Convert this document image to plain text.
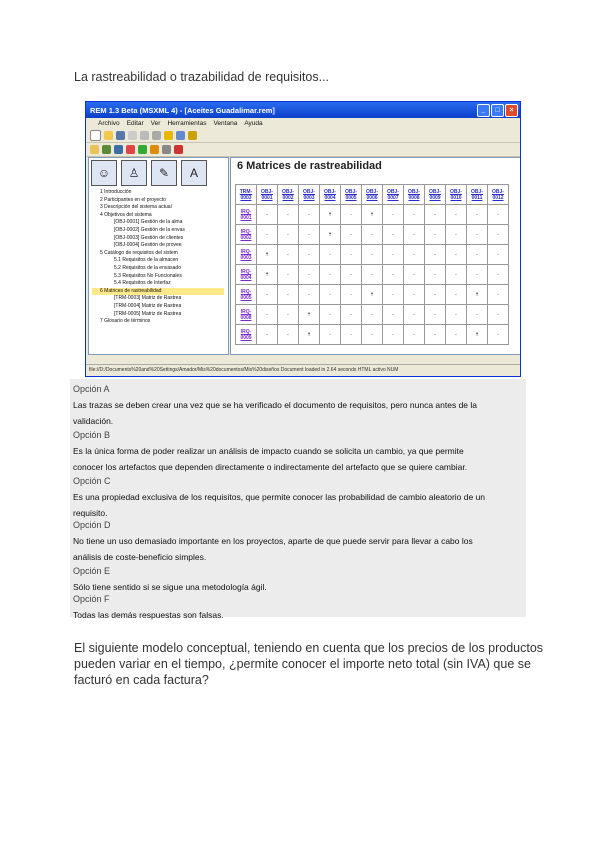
La rastreabilidad o trazabilidad de requisitos...
REM 1.3 Beta (MSXML 4) - [Aceites Guadalimar.rem]	_	□	×
Archivo Editar Ver Herramientas Ventana Ayuda
☺	♙	✎	A
1 Introducción
2 Participantes en el proyecto
3 Descripción del sistema actual
4 Objetivos del sistema
[OBJ-0001] Gestión de la alma
[OBJ-0002] Gestión de la envas
[OBJ-0003] Gestión de clientes
[OBJ-0004] Gestión de provee
5 Catálogo de requisitos del sistem
5.1 Requisitos de la almacen
5.2 Requisitos de la envasado
5.3 Requisitos No Funcionales
5.4 Requisitos de Interfaz
6 Matrices de rastreabilidad
[TRM-0003] Matriz de Rastrea
[TRM-0004] Matriz de Rastrea
[TRM-0005] Matriz de Rastrea
7 Glosario de términos
6 Matrices de rastreabilidad
TRM-0003	OBJ-0001	OBJ-0002	OBJ-0003	OBJ-0004	OBJ-0005	OBJ-0006	OBJ-0007	OBJ-0008	OBJ-0009	OBJ-0010	OBJ-0011	OBJ-0012
IRQ-0001	-	-	-	⇡	-	⇡	-	-	-	-	-	-
IRQ-0002	-	-	-	⇡	-	-	-	-	-	-	-	-
IRQ-0003	⇡	-	-	-	-	-	-	-	-	-	-	-
IRQ-0004	⇡	-	-	-	-	-	-	-	-	-	-	-
IRQ-0005	-	-	-	-	-	⇡	-	-	-	-	⇡	-
IRQ-0008	-	-	⇡	-	-	-	-	-	-	-	-	-
IRQ-0009	-	-	⇡	-	-	-	-	-	-	-	⇡	-
file://D:/Documents%20and%20Settings/Amador/Mis%20documentos/Mis%20diseños Document loaded in 2.64 seconds HTML activo NUM
Opción A
Las trazas se deben crear una vez que se ha verificado el documento de requisitos, pero nunca antes de la
validación.
Opción B
Es la única forma de poder realizar un análisis de impacto cuando se solicita un cambio, ya que permite
conocer los artefactos que dependen directamente o indirectamente del artefacto que se quiere cambiar.
Opción C
Es una propiedad exclusiva de los requisitos, que permite conocer las probabilidad de cambio aleatorio de un
requisito.
Opción D
No tiene un uso demasiado importante en los proyectos, aparte de que puede servir para llevar a cabo los
análisis de coste-beneficio simples.
Opción E
Sólo tiene sentido si se sigue una metodología ágil.
Opción F
Todas las demás respuestas son falsas.
El siguiente modelo conceptual, teniendo en cuenta que los precios de los productos pueden variar en el tiempo, ¿permite conocer el importe neto total (sin IVA) que se facturó en cada factura?
